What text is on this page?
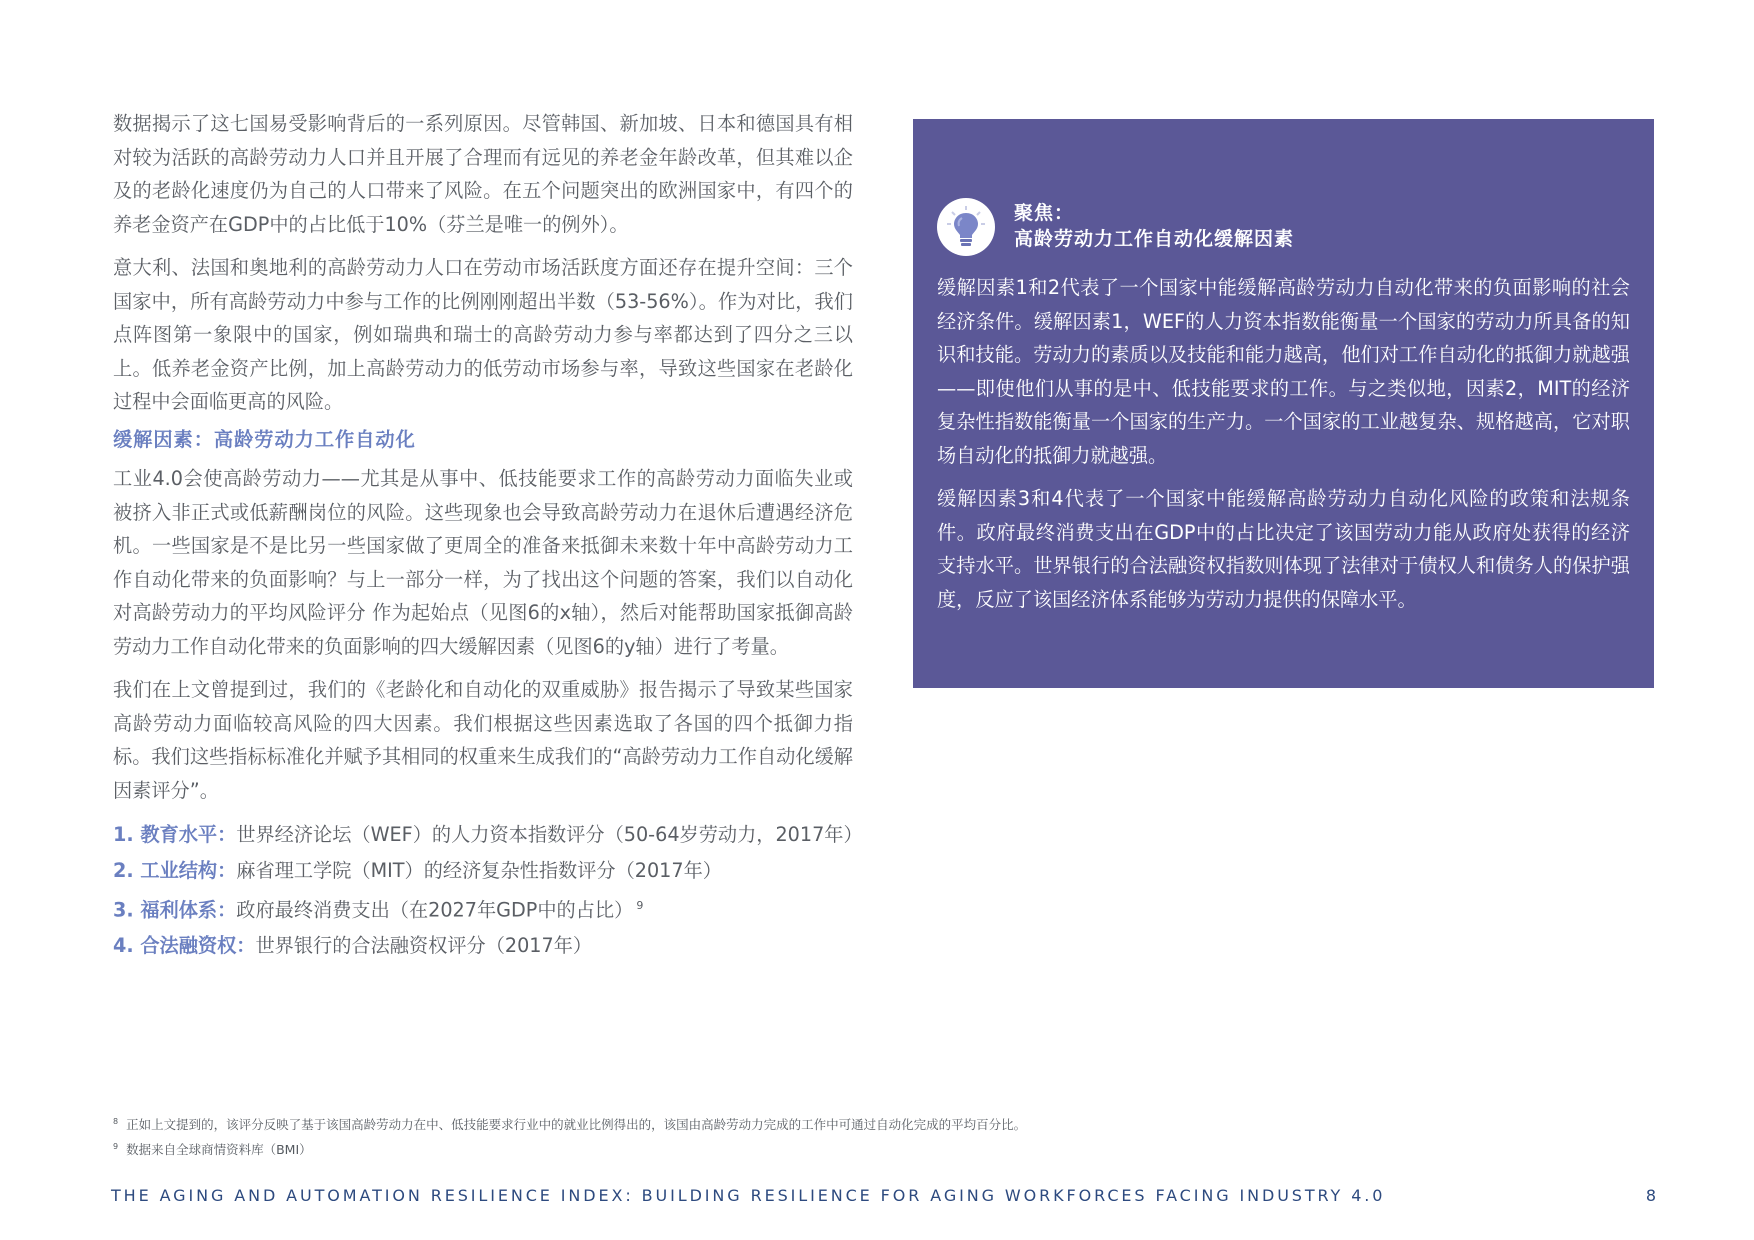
数据揭示了这七国易受影响背后的一系列原因。尽管韩国、新加坡、日本和德国具有相对较为活跃的高龄劳动力人口并且开展了合理而有远见的养老金年龄改革，但其难以企及的老龄化速度仍为自己的人口带来了风险。在五个问题突出的欧洲国家中，有四个的养老金资产在GDP中的占比低于10%（芬兰是唯一的例外）。

意大利、法国和奥地利的高龄劳动力人口在劳动市场活跃度方面还存在提升空间：三个国家中，所有高龄劳动力中参与工作的比例刚刚超出半数（53-56%）。作为对比，我们点阵图第一象限中的国家，例如瑞典和瑞士的高龄劳动力参与率都达到了四分之三以上。低养老金资产比例，加上高龄劳动力的低劳动市场参与率，导致这些国家在老龄化过程中会面临更高的风险。

缓解因素：高龄劳动力工作自动化

工业4.0会使高龄劳动力——尤其是从事中、低技能要求工作的高龄劳动力面临失业或被挤入非正式或低薪酬岗位的风险。这些现象也会导致高龄劳动力在退休后遭遇经济危机。一些国家是不是比另一些国家做了更周全的准备来抵御未来数十年中高龄劳动力工作自动化带来的负面影响？与上一部分一样，为了找出这个问题的答案，我们以自动化对高龄劳动力的平均风险评分 作为起始点（见图6的x轴），然后对能帮助国家抵御高龄劳动力工作自动化带来的负面影响的四大缓解因素（见图6的y轴）进行了考量。

我们在上文曾提到过，我们的《老龄化和自动化的双重威胁》报告揭示了导致某些国家高龄劳动力面临较高风险的四大因素。我们根据这些因素选取了各国的四个抵御力指标。我们这些指标标准化并赋予其相同的权重来生成我们的“高龄劳动力工作自动化缓解因素评分”。

1. 教育水平：世界经济论坛（WEF）的人力资本指数评分（50-64岁劳动力，2017年）
2. 工业结构：麻省理工学院（MIT）的经济复杂性指数评分（2017年）
3. 福利体系：政府最终消费支出（在2027年GDP中的占比） $^9$
4. 合法融资权：世界银行的合法融资权评分（2017年）
聚焦：
高龄劳动力工作自动化缓解因素

缓解因素1和2代表了一个国家中能缓解高龄劳动力自动化带来的负面影响的社会经济条件。缓解因素1，WEF的人力资本指数能衡量一个国家的劳动力所具备的知识和技能。劳动力的素质以及技能和能力越高，他们对工作自动化的抵御力就越强——即使他们从事的是中、低技能要求的工作。与之类似地，因素2，MIT的经济复杂性指数能衡量一个国家的生产力。一个国家的工业越复杂、规格越高，它对职场自动化的抵御力就越强。

缓解因素3和4代表了一个国家中能缓解高龄劳动力自动化风险的政策和法规条件。政府最终消费支出在GDP中的占比决定了该国劳动力能从政府处获得的经济支持水平。世界银行的合法融资权指数则体现了法律对于债权人和债务人的保护强度，反应了该国经济体系能够为劳动力提供的保障水平。

$^8$ 正如上文提到的，该评分反映了基于该国高龄劳动力在中、低技能要求行业中的就业比例得出的，该国由高龄劳动力完成的工作中可通过自动化完成的平均百分比。
$^9$ 数据来自全球商情资料库（BMI）
THE AGING AND AUTOMATION RESILIENCE INDEX: BUILDING RESILIENCE FOR AGING WORKFORCES FACING INDUSTRY 4.0	8
